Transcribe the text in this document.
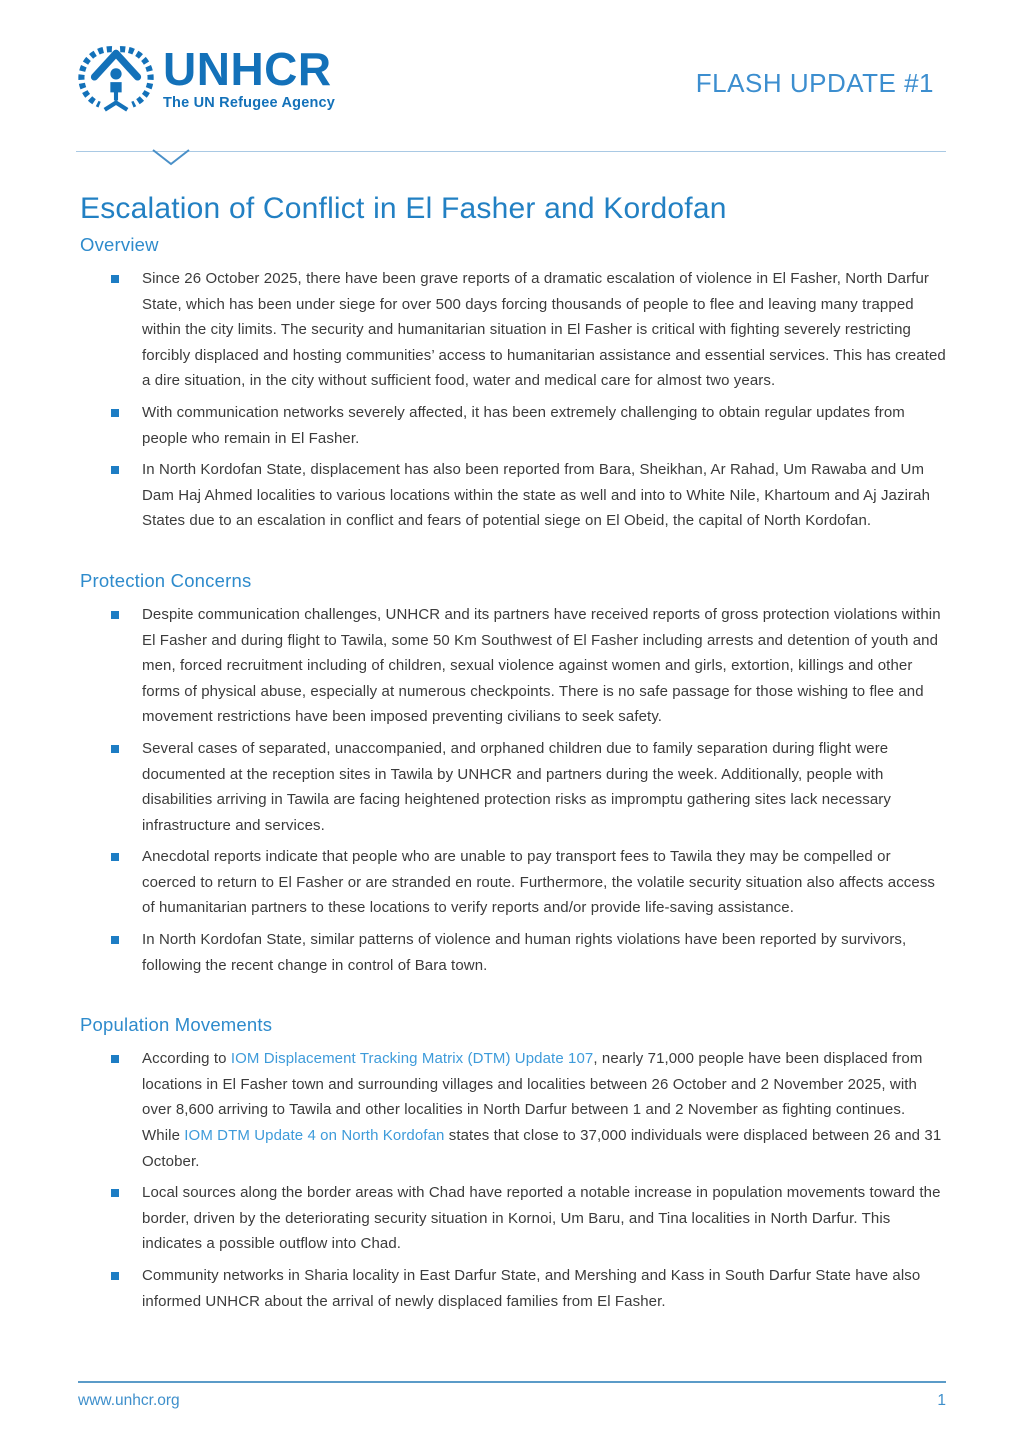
UNHCR
The UN Refugee Agency
FLASH UPDATE #1
Escalation of Conflict in El Fasher and Kordofan
Overview
Since 26 October 2025, there have been grave reports of a dramatic escalation of violence in El Fasher, North Darfur State, which has been under siege for over 500 days forcing thousands of people to flee and leaving many trapped within the city limits. The security and humanitarian situation in El Fasher is critical with fighting severely restricting forcibly displaced and hosting communities’ access to humanitarian assistance and essential services. This has created a dire situation, in the city without sufficient food, water and medical care for almost two years.
With communication networks severely affected, it has been extremely challenging to obtain regular updates from people who remain in El Fasher.
In North Kordofan State, displacement has also been reported from Bara, Sheikhan, Ar Rahad, Um Rawaba and Um Dam Haj Ahmed localities to various locations within the state as well and into to White Nile, Khartoum and Aj Jazirah States due to an escalation in conflict and fears of potential siege on El Obeid, the capital of North Kordofan.
Protection Concerns
Despite communication challenges, UNHCR and its partners have received reports of gross protection violations within El Fasher and during flight to Tawila, some 50 Km Southwest of El Fasher including arrests and detention of youth and men, forced recruitment including of children, sexual violence against women and girls, extortion, killings and other forms of physical abuse, especially at numerous checkpoints. There is no safe passage for those wishing to flee and movement restrictions have been imposed preventing civilians to seek safety.
Several cases of separated, unaccompanied, and orphaned children due to family separation during flight were documented at the reception sites in Tawila by UNHCR and partners during the week. Additionally, people with disabilities arriving in Tawila are facing heightened protection risks as impromptu gathering sites lack necessary infrastructure and services.
Anecdotal reports indicate that people who are unable to pay transport fees to Tawila they may be compelled or coerced to return to El Fasher or are stranded en route. Furthermore, the volatile security situation also affects access of humanitarian partners to these locations to verify reports and/or provide life-saving assistance.
In North Kordofan State, similar patterns of violence and human rights violations have been reported by survivors, following the recent change in control of Bara town.
Population Movements
According to IOM Displacement Tracking Matrix (DTM) Update 107, nearly 71,000 people have been displaced from locations in El Fasher town and surrounding villages and localities between 26 October and 2 November 2025, with over 8,600 arriving to Tawila and other localities in North Darfur between 1 and 2 November as fighting continues. While IOM DTM Update 4 on North Kordofan states that close to 37,000 individuals were displaced between 26 and 31 October.
Local sources along the border areas with Chad have reported a notable increase in population movements toward the border, driven by the deteriorating security situation in Kornoi, Um Baru, and Tina localities in North Darfur. This indicates a possible outflow into Chad.
Community networks in Sharia locality in East Darfur State, and Mershing and Kass in South Darfur State have also informed UNHCR about the arrival of newly displaced families from El Fasher.
www.unhcr.org	1
